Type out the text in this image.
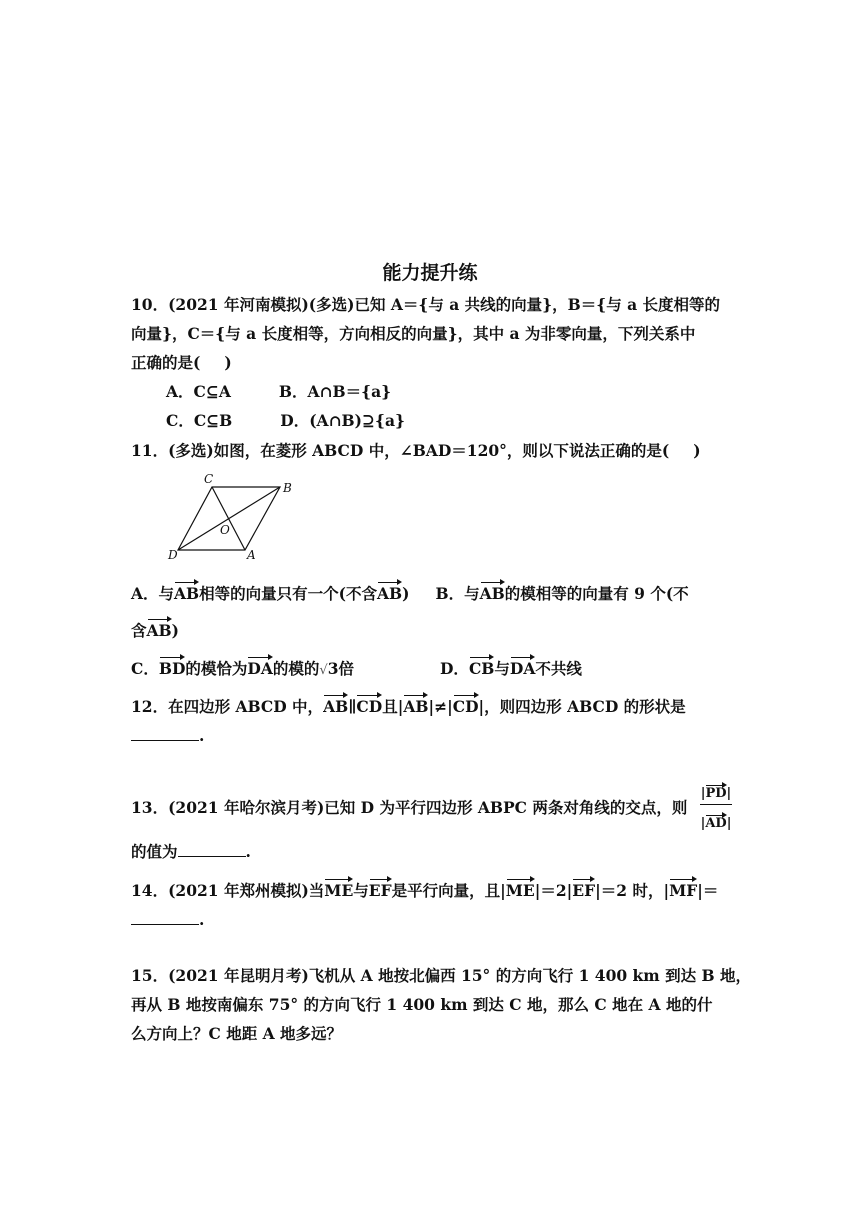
能力提升练
10．(2021 年河南模拟)(多选)已知 A＝{与 a 共线的向量}，B＝{与 a 长度相等的
向量}，C＝{与 a 长度相等，方向相反的向量}，其中 a 为非零向量，下列关系中
正确的是( )
A．C⊆A	B．A∩B＝{a}
C．C⊆B	D．(A∩B)⊇{a}
11．(多选)如图，在菱形 ABCD 中，∠BAD＝120°，则以下说法正确的是( )
C
B
O
D	A
A．与AB相等的向量只有一个(不含AB) B．与AB的模相等的向量有 9 个(不
含AB)
C．BD的模恰为DA的模的√3倍	D．CB与DA不共线
12．在四边形 ABCD 中，AB∥CD且|AB|≠|CD|，则四边形 ABCD 的形状是
.
13．(2021 年哈尔滨月考)已知 D 为平行四边形 ABPC 两条对角线的交点，则 $\frac{|PD|}{|AD|}$
的值为	.
14．(2021 年郑州模拟)当ME与EF是平行向量，且|ME|＝2|EF|＝2 时，|MF|＝
.
15．(2021 年昆明月考)飞机从 A 地按北偏西 15° 的方向飞行 1 400 km 到达 B 地，
再从 B 地按南偏东 75° 的方向飞行 1 400 km 到达 C 地，那么 C 地在 A 地的什
么方向上？C 地距 A 地多远？
